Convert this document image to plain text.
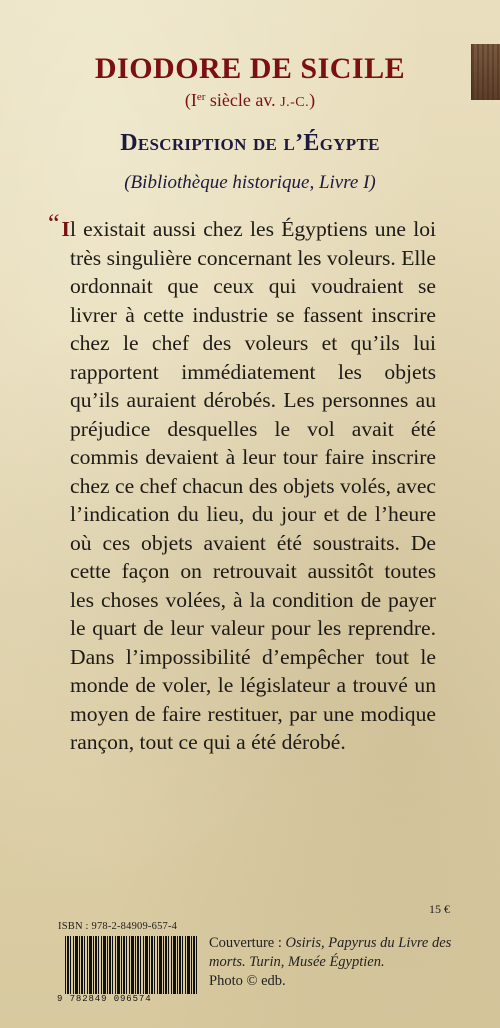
DIODORE DE SICILE
(Ier siècle av. J.-C.)
Description de l’Égypte
(Bibliothèque historique, Livre I)
“Il existait aussi chez les Égyptiens une loi très singulière concernant les voleurs. Elle ordonnait que ceux qui voudraient se livrer à cette industrie se fassent inscrire chez le chef des voleurs et qu’ils lui rapportent immédiatement les objets qu’ils auraient dérobés. Les personnes au préjudice desquelles le vol avait été commis devaient à leur tour faire inscrire chez ce chef chacun des objets volés, avec l’indication du lieu, du jour et de l’heure où ces objets avaient été soustraits. De cette façon on retrouvait aussitôt toutes les choses volées, à la condition de payer le quart de leur valeur pour les reprendre. Dans l’impossibilité d’empêcher tout le monde de voler, le législateur a trouvé un moyen de faire restituer, par une modique rançon, tout ce qui a été dérobé.
15 €
ISBN : 978-2-84909-657-4
9 782849 096574
Couverture : Osiris, Papyrus du Livre des morts. Turin, Musée Égyptien.
Photo © edb.
